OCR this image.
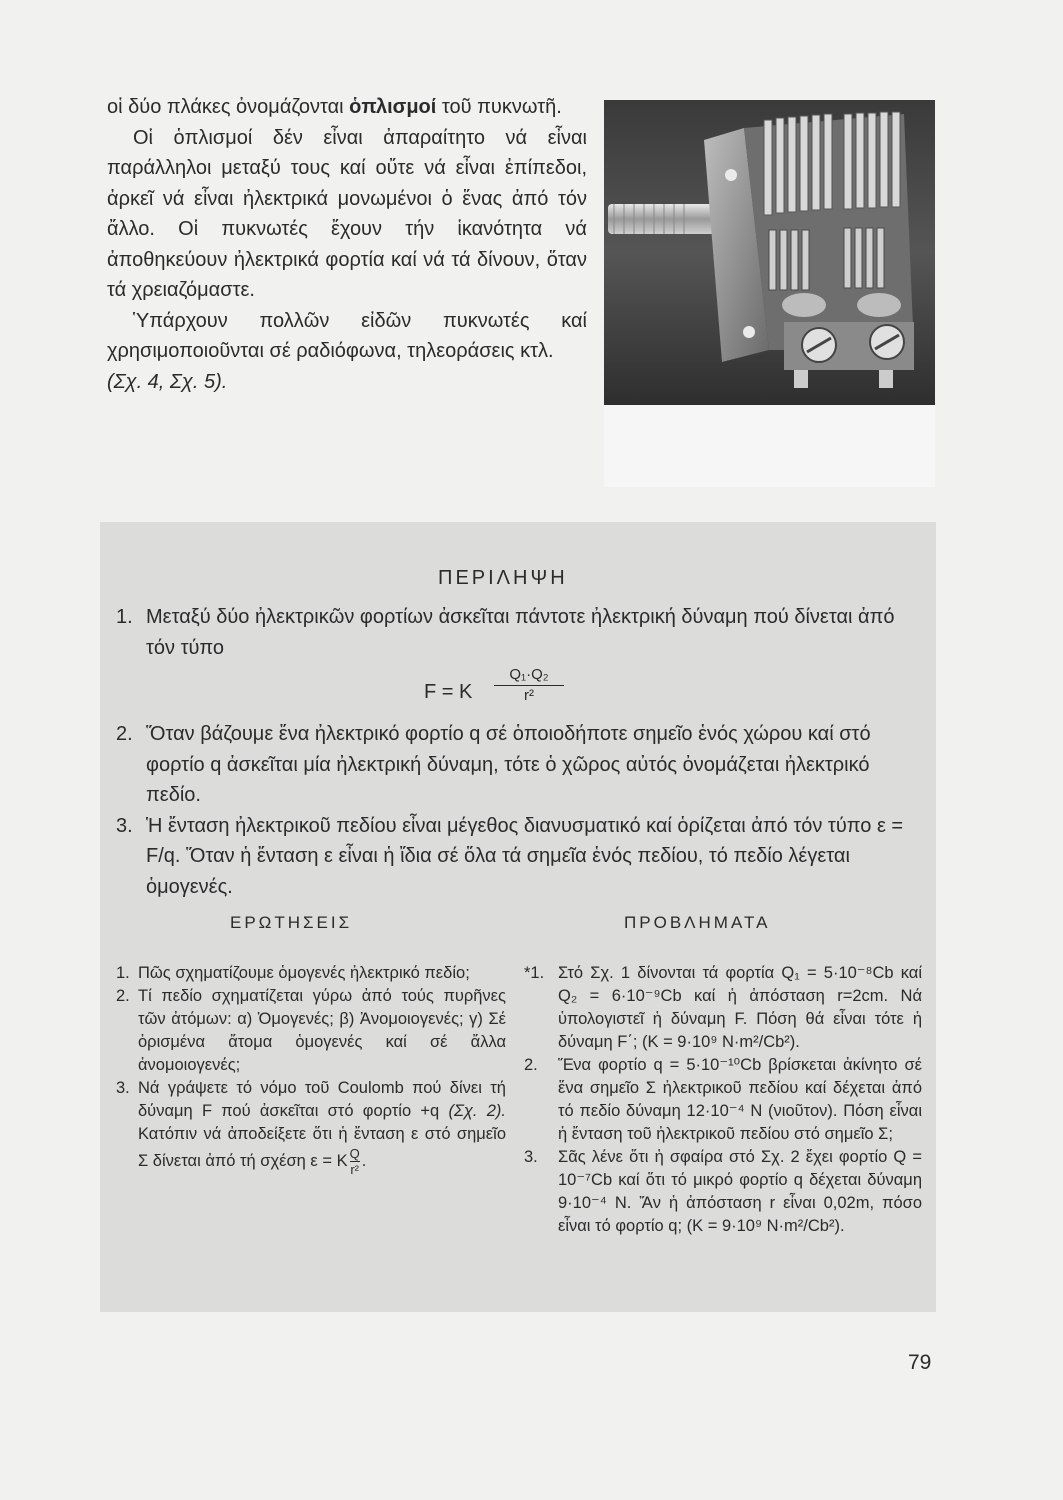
οἱ δύο πλάκες ὀνομάζονται ὁπλισμοί τοῦ πυκνωτῆ.

Οἱ ὁπλισμοί δέν εἶναι ἀπαραίτητο νά εἶναι παράλληλοι μεταξύ τους καί οὔτε νά εἶναι ἐπίπεδοι, ἀρκεῖ νά εἶναι ἠλεκτρικά μονωμένοι ὁ ἕνας ἀπό τόν ἄλλο. Οἱ πυκνωτές ἔχουν τήν ἱκανότητα νά ἀποθηκεύουν ἠλεκτρικά φορτία καί νά τά δίνουν, ὅταν τά χρειαζόμαστε.

Ὑπάρχουν πολλῶν εἰδῶν πυκνωτές καί χρησιμοποιοῦνται σέ ραδιόφωνα, τηλεοράσεις κτλ.
(Σχ. 4, Σχ. 5).

ΠΕΡΙΛΗΨΗ
1. Μεταξύ δύο ἠλεκτρικῶν φορτίων ἀσκεῖται πάντοτε ἠλεκτρική δύναμη πού δίνεται ἀπό τόν τύπο
F = K $\frac{\text{Q₁·Q₂}}{\text{r²}}$
2. Ὅταν βάζουμε ἕνα ἠλεκτρικό φορτίο q σέ ὁποιοδήποτε σημεῖο ἑνός χώρου καί στό φορτίο q ἀσκεῖται μία ἠλεκτρική δύναμη, τότε ὁ χῶρος αὐτός ὀνομάζεται ἠλεκτρικό πεδίο.
3. Ἡ ἔνταση ἠλεκτρικοῦ πεδίου εἶναι μέγεθος διανυσματικό καί ὁρίζεται ἀπό τόν τύπο ε = F/q. Ὅταν ἡ ἔνταση ε εἶναι ἡ ἴδια σέ ὅλα τά σημεῖα ἑνός πεδίου, τό πεδίο λέγεται ὁμογενές.
ΕΡΩΤΗΣΕΙΣ	ΠΡΟΒΛΗΜΑΤΑ
1. Πῶς σχηματίζουμε ὁμογενές ἠλεκτρικό πεδίο;
2. Τί πεδίο σχηματίζεται γύρω ἀπό τούς πυρῆνες τῶν ἀτόμων: α) Ὁμογενές; β) Ἀνομοιογενές; γ) Σέ ὁρισμένα ἄτομα ὁμογενές καί σέ ἄλλα ἀνομοιογενές;
3. Νά γράψετε τό νόμο τοῦ Coulomb πού δίνει τή δύναμη F πού ἀσκεῖται στό φορτίο +q (Σχ. 2). Κατόπιν νά ἀποδείξετε ὅτι ἡ ἔνταση ε στό σημεῖο Σ δίνεται ἀπό τή σχέση ε = K $\frac{Q}{\text{r²}}$ .
*1. Στό Σχ. 1 δίνονται τά φορτία Q₁ = 5·10⁻⁸Cb καί Q₂ = 6·10⁻⁹Cb καί ἡ ἀπόσταση r=2cm. Νά ὑπολογιστεῖ ἡ δύναμη F. Πόση θά εἶναι τότε ἡ δύναμη F΄; (K = 9·10⁹ N·m²/Cb²).
2. Ἕνα φορτίο q = 5·10⁻¹⁰Cb βρίσκεται ἀκίνητο σέ ἕνα σημεῖο Σ ἠλεκτρικοῦ πεδίου καί δέχεται ἀπό τό πεδίο δύναμη 12·10⁻⁴ N (νιοῦτον). Πόση εἶναι ἡ ἔνταση τοῦ ἠλεκτρικοῦ πεδίου στό σημεῖο Σ;
3. Σᾶς λένε ὅτι ἡ σφαίρα στό Σχ. 2 ἔχει φορτίο Q = 10⁻⁷Cb καί ὅτι τό μικρό φορτίο q δέχεται δύναμη 9·10⁻⁴ N. Ἄν ἡ ἀπόσταση r εἶναι 0,02m, πόσο εἶναι τό φορτίο q; (K = 9·10⁹ N·m²/Cb²).
79
